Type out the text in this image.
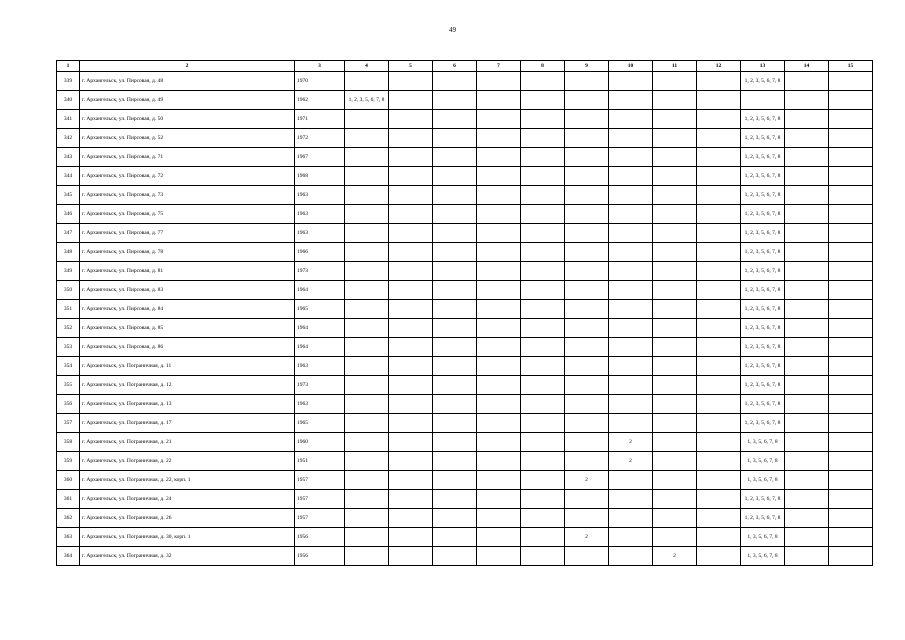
49
1	2	3	4	5	6	7	8	9	10	11	12	13	14	15
339	г. Архангельск, ул. Пирсовая, д. 48	1970										1, 2, 3, 5, 6, 7, 8		
340	г. Архангельск, ул. Пирсовая, д. 49	1962	1, 2, 3, 5, 6, 7, 8											
341	г. Архангельск, ул. Пирсовая, д. 50	1971										1, 2, 3, 5, 6, 7, 8		
342	г. Архангельск, ул. Пирсовая, д. 52	1972										1, 2, 3, 5, 6, 7, 8		
343	г. Архангельск, ул. Пирсовая, д. 71	1967										1, 2, 3, 5, 6, 7, 8		
344	г. Архангельск, ул. Пирсовая, д. 72	1968										1, 2, 3, 5, 6, 7, 8		
345	г. Архангельск, ул. Пирсовая, д. 73	1963										1, 2, 3, 5, 6, 7, 8		
346	г. Архангельск, ул. Пирсовая, д. 75	1963										1, 2, 3, 5, 6, 7, 8		
347	г. Архангельск, ул. Пирсовая, д. 77	1963										1, 2, 3, 5, 6, 7, 8		
348	г. Архангельск, ул. Пирсовая, д. 78	1966										1, 2, 3, 5, 6, 7, 8		
349	г. Архангельск, ул. Пирсовая, д. 81	1973										1, 2, 3, 5, 6, 7, 8		
350	г. Архангельск, ул. Пирсовая, д. 83	1964										1, 2, 3, 5, 6, 7, 8		
351	г. Архангельск, ул. Пирсовая, д. 84	1965										1, 2, 3, 5, 6, 7, 8		
352	г. Архангельск, ул. Пирсовая, д. 85	1964										1, 2, 3, 5, 6, 7, 8		
353	г. Архангельск, ул. Пирсовая, д. 86	1964										1, 2, 3, 5, 6, 7, 8		
354	г. Архангельск, ул. Пограничная, д. 11	1963										1, 2, 3, 5, 6, 7, 8		
355	г. Архангельск, ул. Пограничная, д. 12	1973										1, 2, 3, 5, 6, 7, 8		
356	г. Архангельск, ул. Пограничная, д. 13	1963										1, 2, 3, 5, 6, 7, 8		
357	г. Архангельск, ул. Пограничная, д. 17	1965										1, 2, 3, 5, 6, 7, 8		
358	г. Архангельск, ул. Пограничная, д. 21	1960							2			1, 3, 5, 6, 7, 8		
359	г. Архангельск, ул. Пограничная, д. 22	1951							2			1, 3, 5, 6, 7, 8		
360	г. Архангельск, ул. Пограничная, д. 22, корп. 1	1957						2				1, 3, 5, 6, 7, 8		
361	г. Архангельск, ул. Пограничная, д. 24	1957										1, 2, 3, 5, 6, 7, 8		
362	г. Архангельск, ул. Пограничная, д. 26	1957										1, 2, 3, 5, 6, 7, 8		
363	г. Архангельск, ул. Пограничная, д. 30, корп. 1	1956						2				1, 3, 5, 6, 7, 8		
364	г. Архангельск, ул. Пограничная, д. 32	1956								2		1, 3, 5, 6, 7, 8		
